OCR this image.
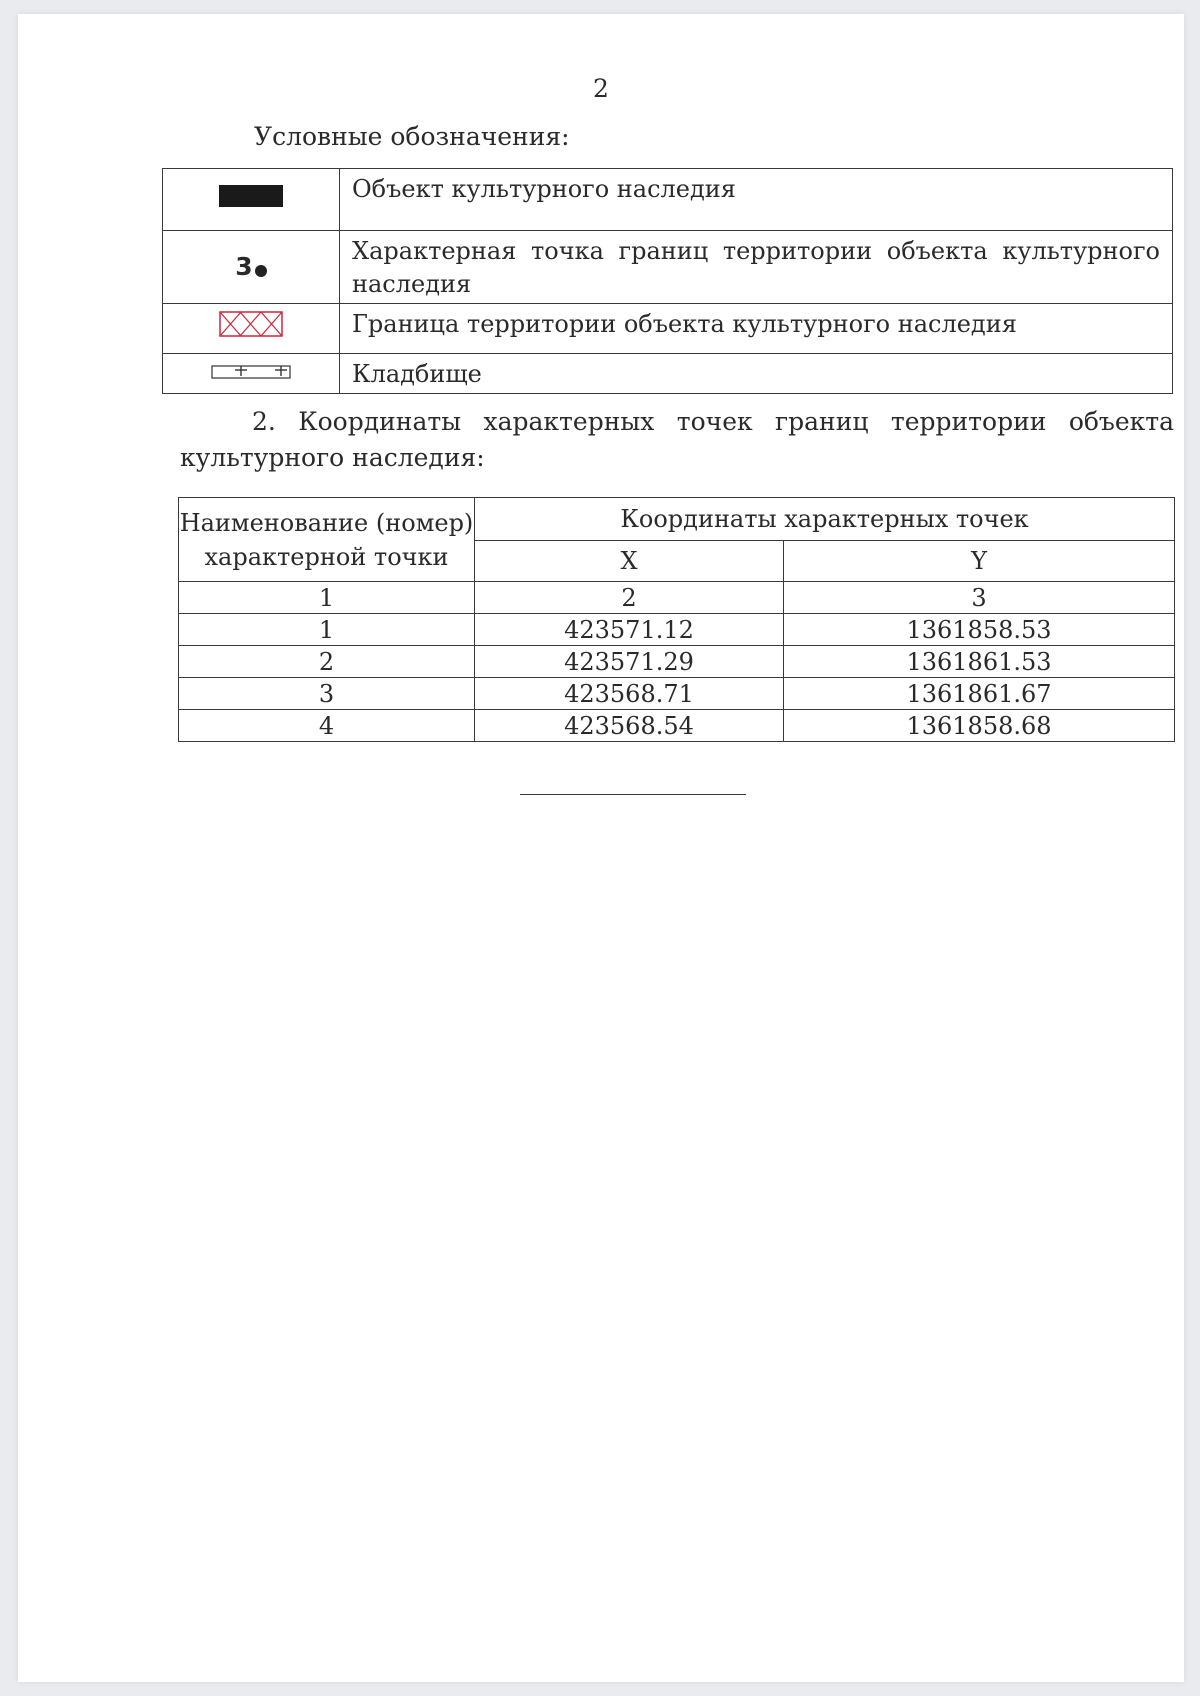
2
Условные обозначения:
	Объект культурного наследия
3	Характерная точка границ территории объекта культурного наследия
	Граница территории объекта культурного наследия
	Кладбище
2. Координаты характерных точек границ территории объекта культурного наследия:
Наименование (номер) характерной точки	Координаты характерных точек	
	X	Y
1	2	3
1	423571.12	1361858.53
2	423571.29	1361861.53
3	423568.71	1361861.67
4	423568.54	1361858.68
